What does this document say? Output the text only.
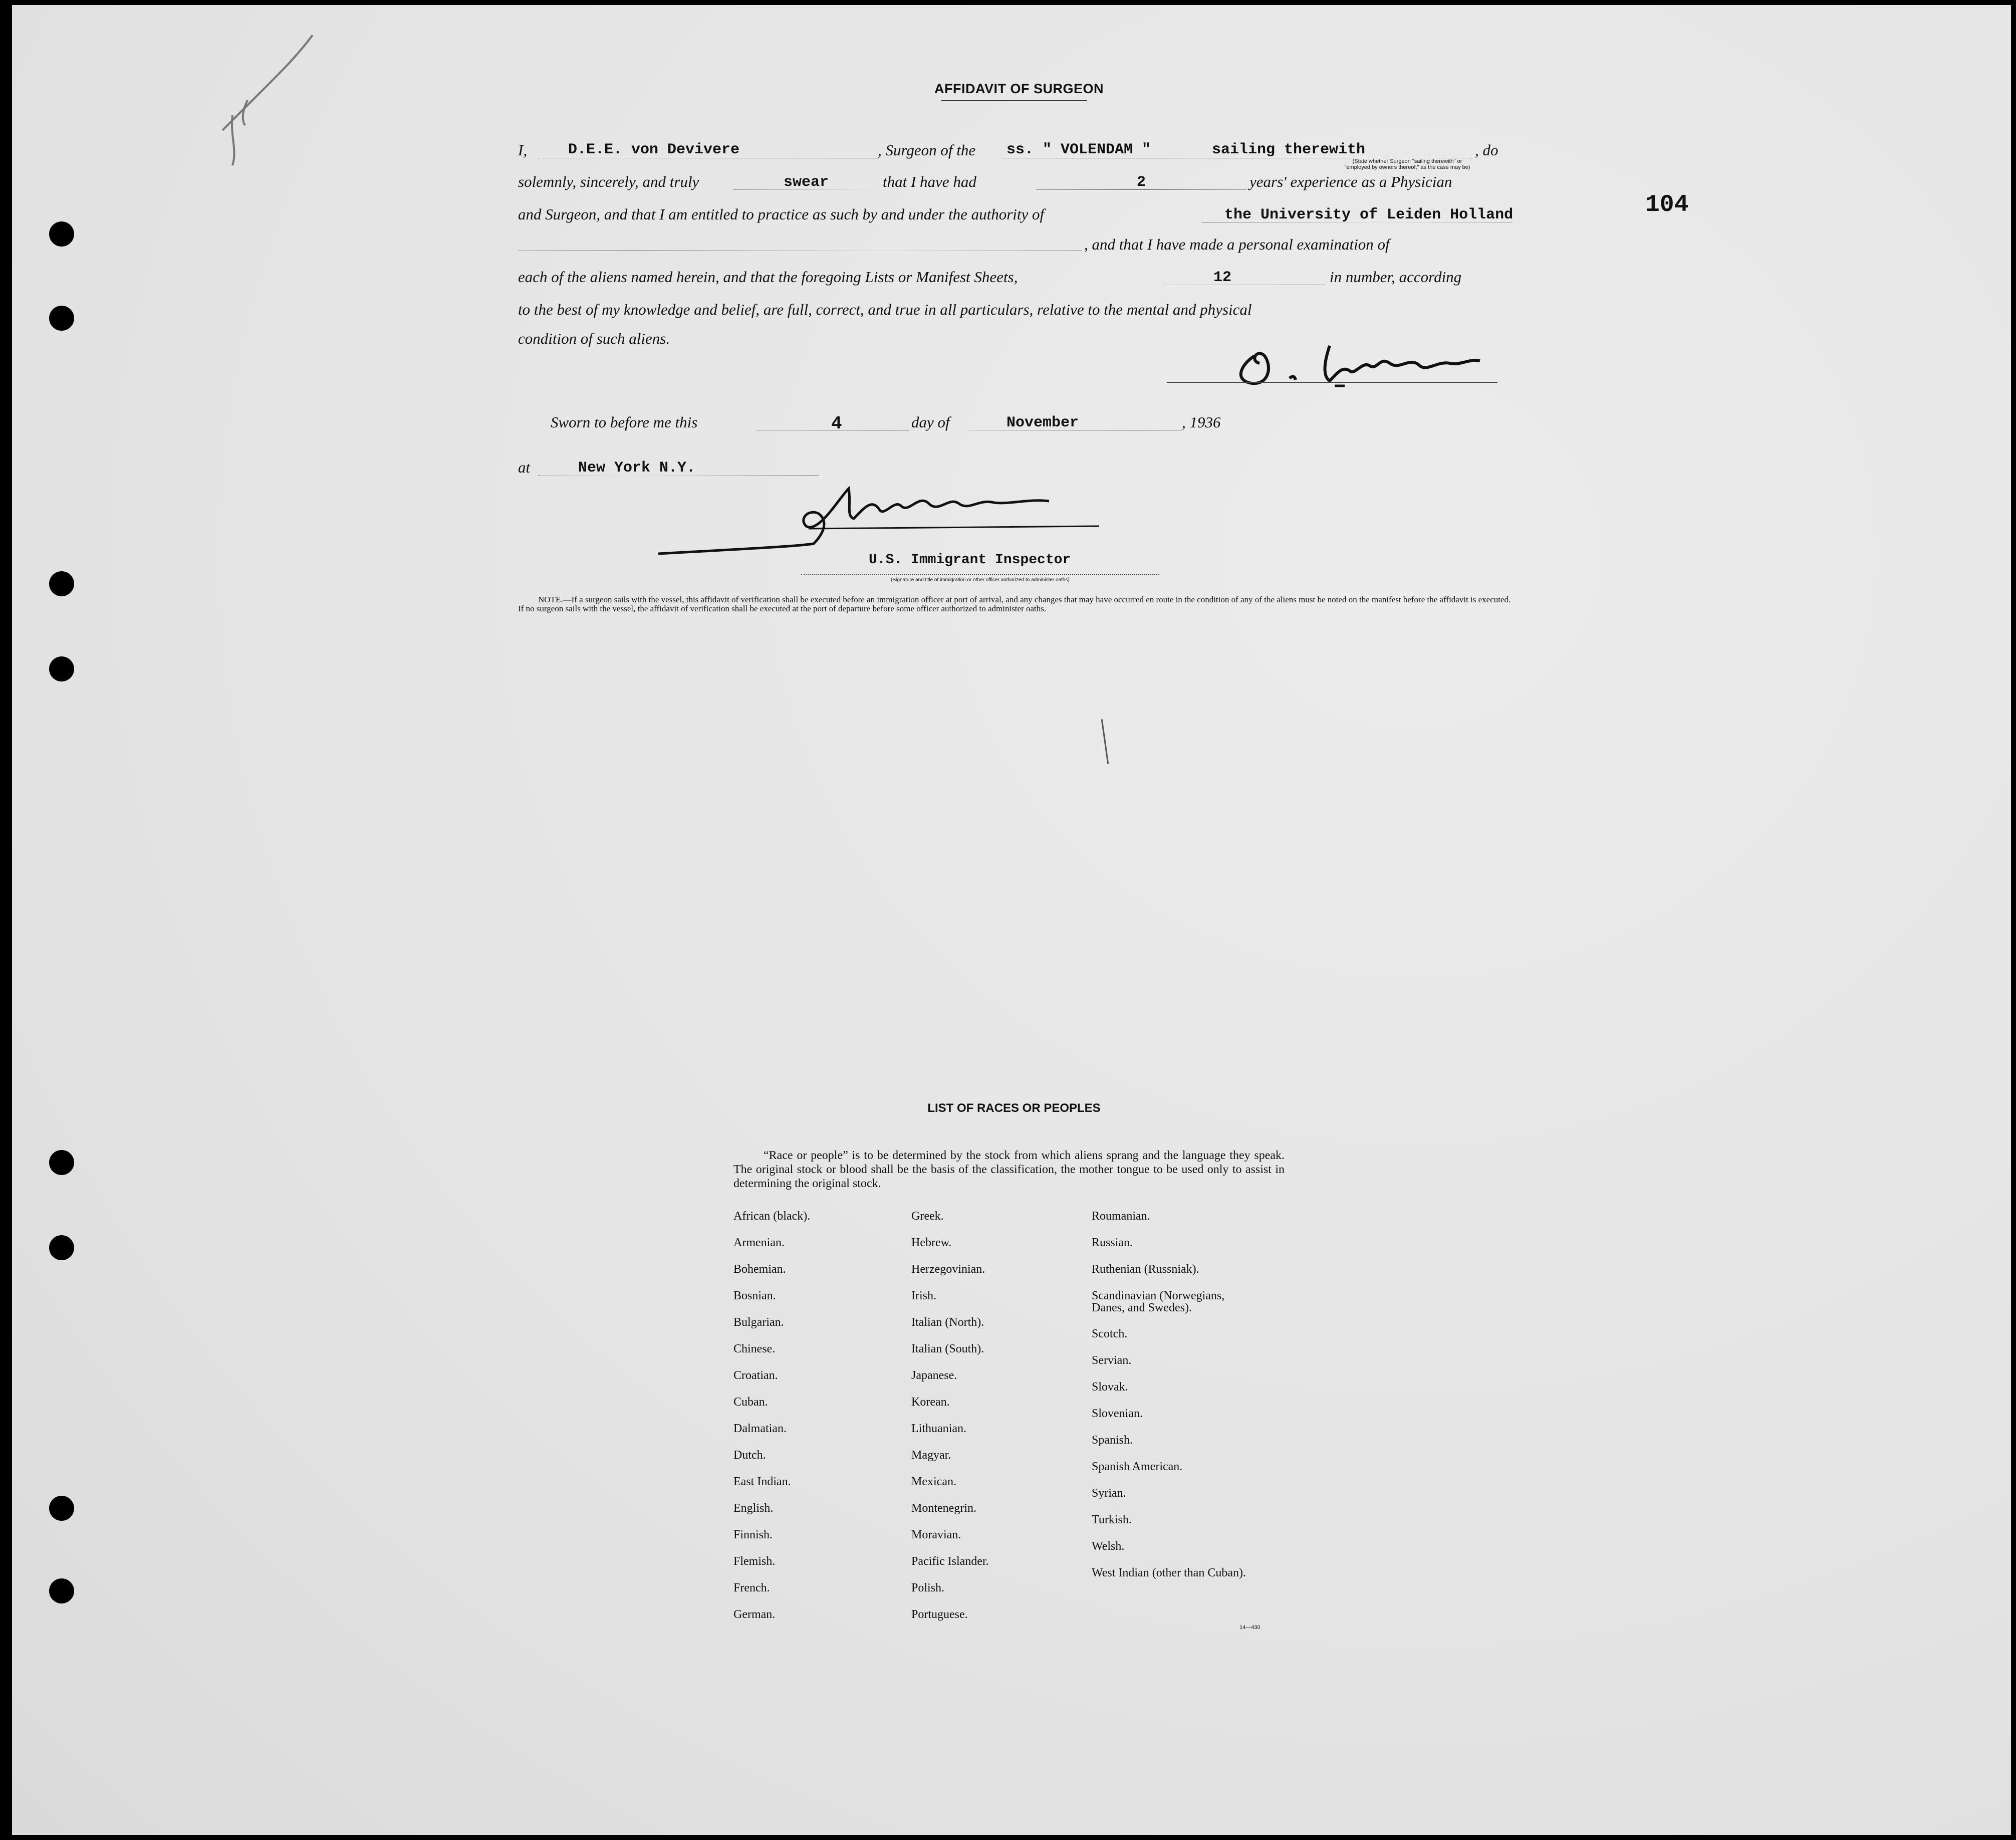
104
AFFIDAVIT OF SURGEON
I,	D.E.E. von Devivere	, Surgeon of the ss. " VOLENDAM "	sailing therewith	, do
(State whether Surgeon "sailing therewith" or "employed by owners thereof," as the case may be)
solemnly, sincerely, and truly	swear	that I have had	2	years' experience as a Physician
and Surgeon, and that I am entitled to practice as such by and under the authority of	the University of Leiden Holland
, and that I have made a personal examination of
each of the aliens named herein, and that the foregoing Lists or Manifest Sheets,	12	in number, according
to the best of my knowledge and belief, are full, correct, and true in all particulars, relative to the mental and physical
condition of such aliens.
Sworn to before me this	4	day of	November	, 1936
at	New York N.Y.
U.S. Immigrant Inspector
(Signature and title of immigration or other officer authorized to administer oaths)

NOTE.—If a surgeon sails with the vessel, this affidavit of verification shall be executed before an immigration officer at port of arrival, and any changes that may have occurred en route in the condition of any of the aliens must be noted on the manifest before the affidavit is executed.

If no surgeon sails with the vessel, the affidavit of verification shall be executed at the port of departure before some officer authorized to administer oaths.

LIST OF RACES OR PEOPLES
“Race or people” is to be determined by the stock from which aliens sprang and the language they speak. The original stock or blood shall be the basis of the classification, the mother tongue to be used only to assist in determining the original stock.
African (black).
Armenian.
Bohemian.
Bosnian.
Bulgarian.
Chinese.
Croatian.
Cuban.
Dalmatian.
Dutch.
East Indian.
English.
Finnish.
Flemish.
French.
German.
Greek.
Hebrew.
Herzegovinian.
Irish.
Italian (North).
Italian (South).
Japanese.
Korean.
Lithuanian.
Magyar.
Mexican.
Montenegrin.
Moravian.
Pacific Islander.
Polish.
Portuguese.
Roumanian.
Russian.
Ruthenian (Russniak).
Scandinavian (Norwegians, Danes, and Swedes).
Scotch.
Servian.
Slovak.
Slovenian.
Spanish.
Spanish American.
Syrian.
Turkish.
Welsh.
West Indian (other than Cuban).
14—430
